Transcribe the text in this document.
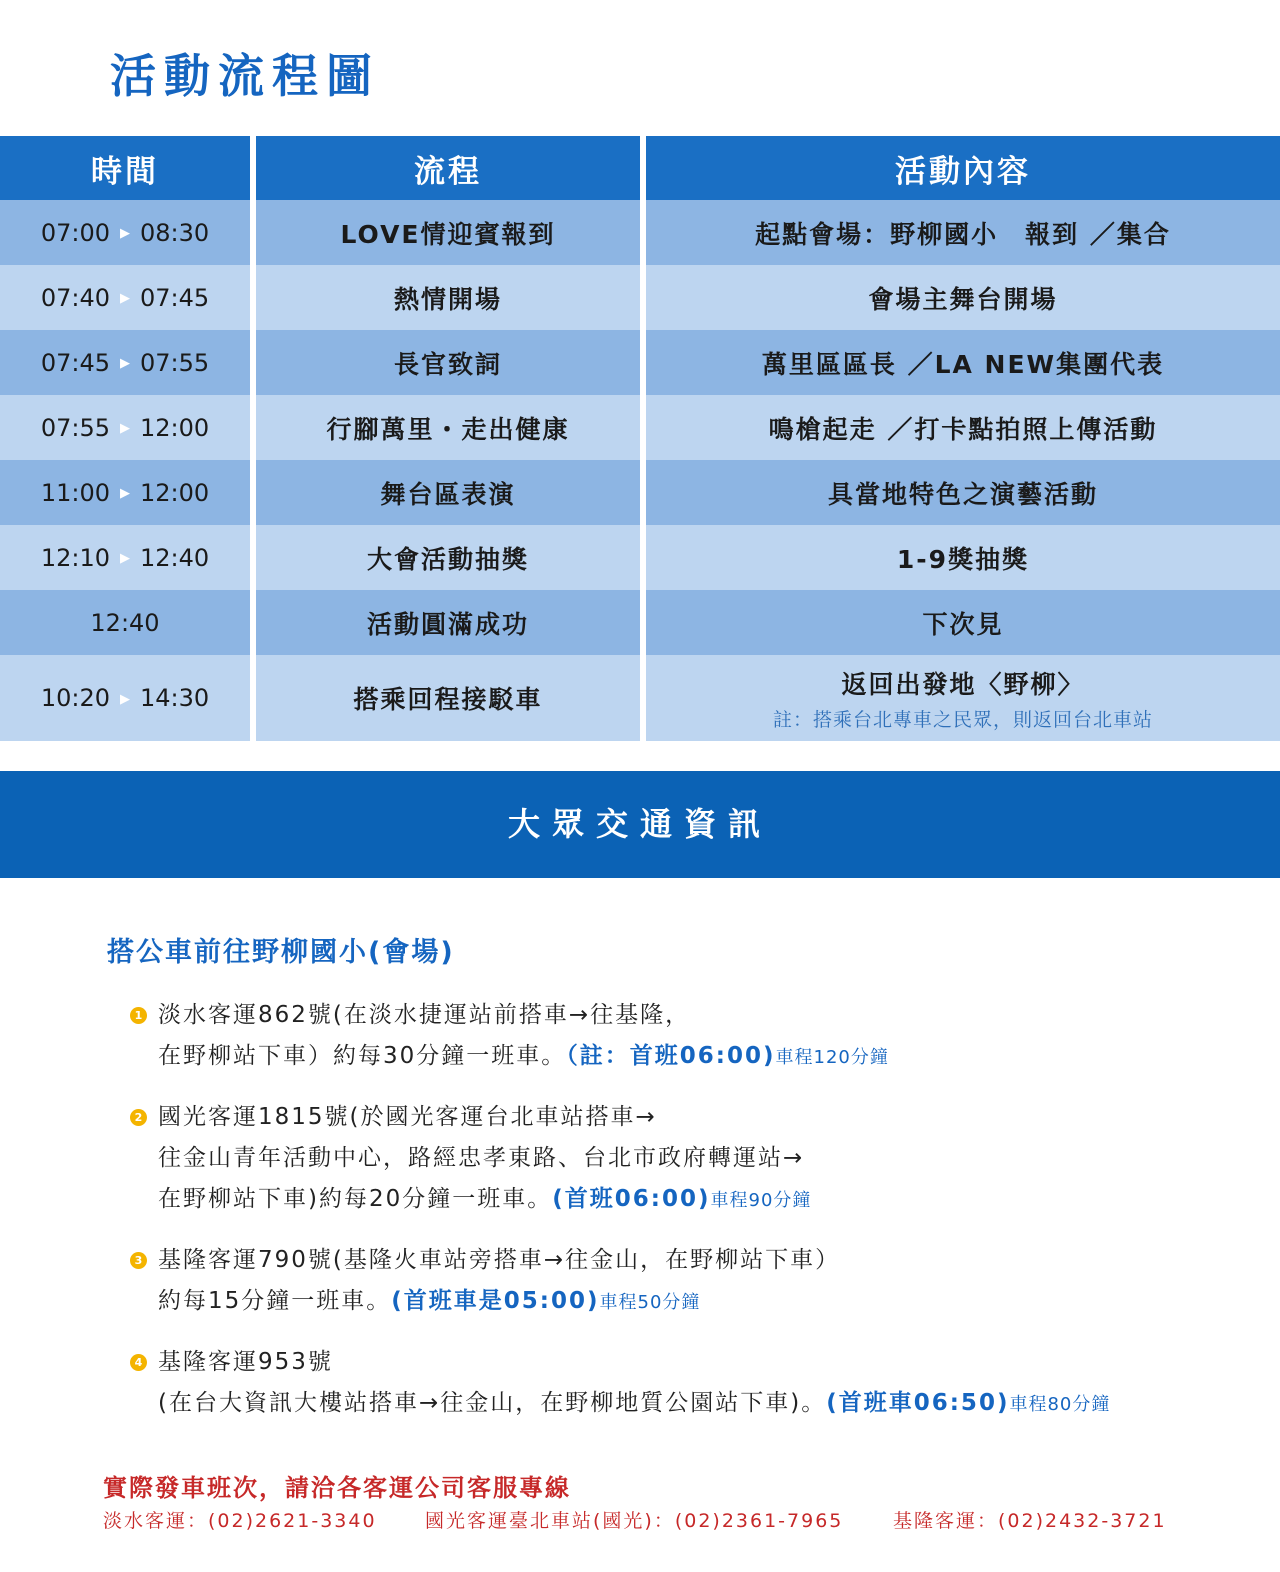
活動流程圖
時間	流程	活動內容
07:00 ▶ 08:30	LOVE情迎賓報到	起點會場：野柳國小　報到 ／集合
07:40 ▶ 07:45	熱情開場	會場主舞台開場
07:45 ▶ 07:55	長官致詞	萬里區區長 ／LA NEW集團代表
07:55 ▶ 12:00	行腳萬里・走出健康	鳴槍起走 ／打卡點拍照上傳活動
11:00 ▶ 12:00	舞台區表演	具當地特色之演藝活動
12:10 ▶ 12:40	大會活動抽獎	1-9獎抽獎
12:40	活動圓滿成功	下次見
10:20 ▶ 14:30	搭乘回程接駁車	返回出發地〈野柳〉
註：搭乘台北專車之民眾，則返回台北車站
大眾交通資訊
搭公車前往野柳國小(會場)
1 淡水客運862號(在淡水捷運站前搭車→往基隆，
在野柳站下車）約每30分鐘一班車。（註：首班06:00)車程120分鐘
2 國光客運1815號(於國光客運台北車站搭車→
往金山青年活動中心，路經忠孝東路、台北市政府轉運站→
在野柳站下車)約每20分鐘一班車。(首班06:00)車程90分鐘
3 基隆客運790號(基隆火車站旁搭車→往金山，在野柳站下車）
約每15分鐘一班車。(首班車是05:00)車程50分鐘
4 基隆客運953號
(在台大資訊大樓站搭車→往金山，在野柳地質公園站下車)。(首班車06:50)車程80分鐘
實際發車班次，請洽各客運公司客服專線
淡水客運：(02)2621-3340	國光客運臺北車站(國光)：(02)2361-7965	基隆客運：(02)2432-3721
